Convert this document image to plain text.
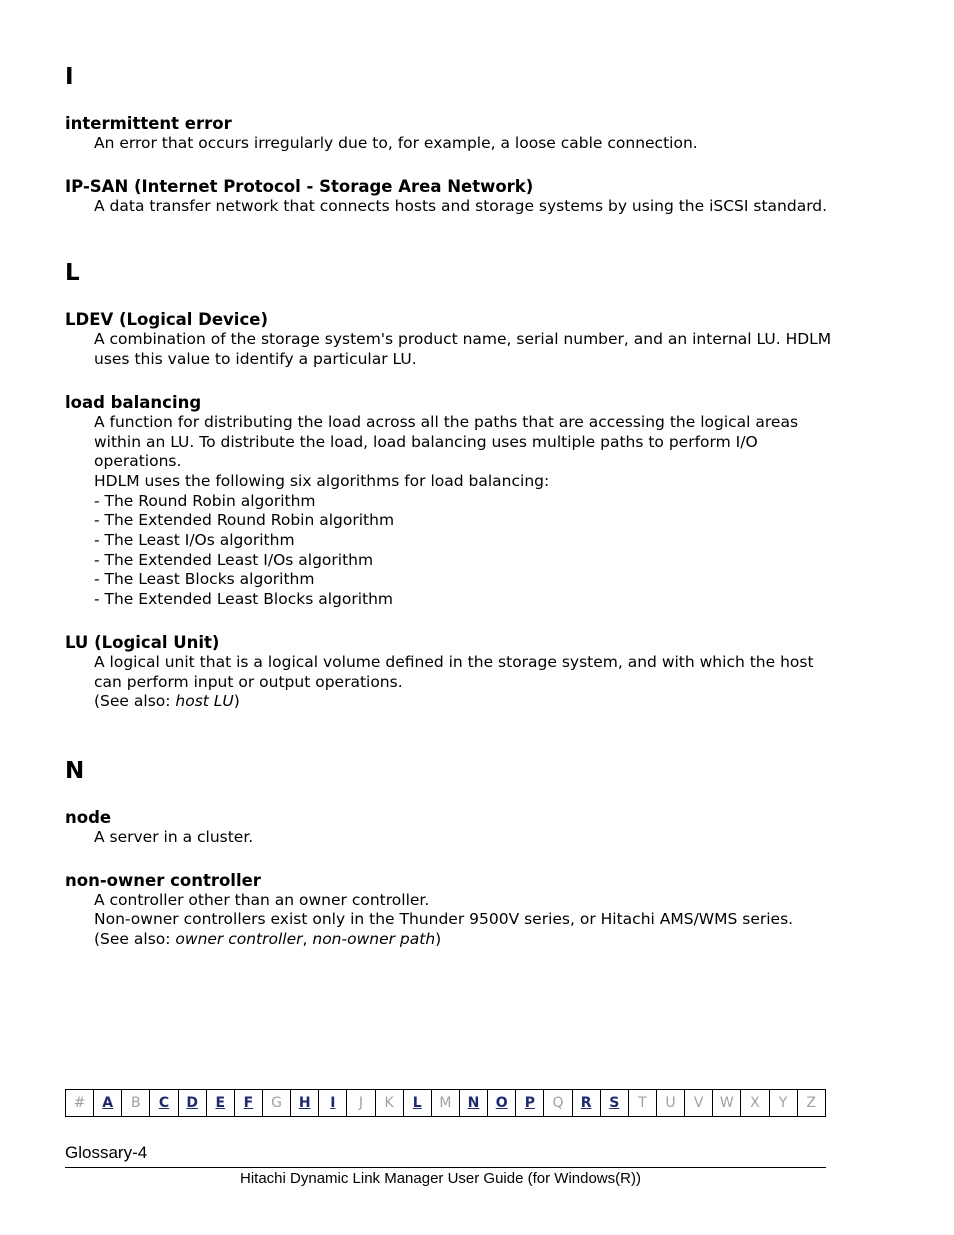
I
intermittent error

An error that occurs irregularly due to, for example, a loose cable connection.

IP-SAN (Internet Protocol - Storage Area Network)

A data transfer network that connects hosts and storage systems by using the iSCSI standard.

L
LDEV (Logical Device)

A combination of the storage system's product name, serial number, and an internal LU. HDLM uses this value to identify a particular LU.

load balancing

A function for distributing the load across all the paths that are accessing the logical areas within an LU. To distribute the load, load balancing uses multiple paths to perform I/O operations.

HDLM uses the following six algorithms for load balancing:

- The Round Robin algorithm

- The Extended Round Robin algorithm

- The Least I/Os algorithm

- The Extended Least I/Os algorithm

- The Least Blocks algorithm

- The Extended Least Blocks algorithm

LU (Logical Unit)

A logical unit that is a logical volume defined in the storage system, and with which the host can perform input or output operations.

(See also: host LU)

N
node

A server in a cluster.

non-owner controller

A controller other than an owner controller.

Non-owner controllers exist only in the Thunder 9500V series, or Hitachi AMS/WMS series.

(See also: owner controller, non-owner path)

#	A	B	C	D	E	F	G	H	I	J	K	L	M	N	O	P	Q	R	S	T	U	V	W	X	Y	Z
Glossary-4
Hitachi Dynamic Link Manager User Guide (for Windows(R))
